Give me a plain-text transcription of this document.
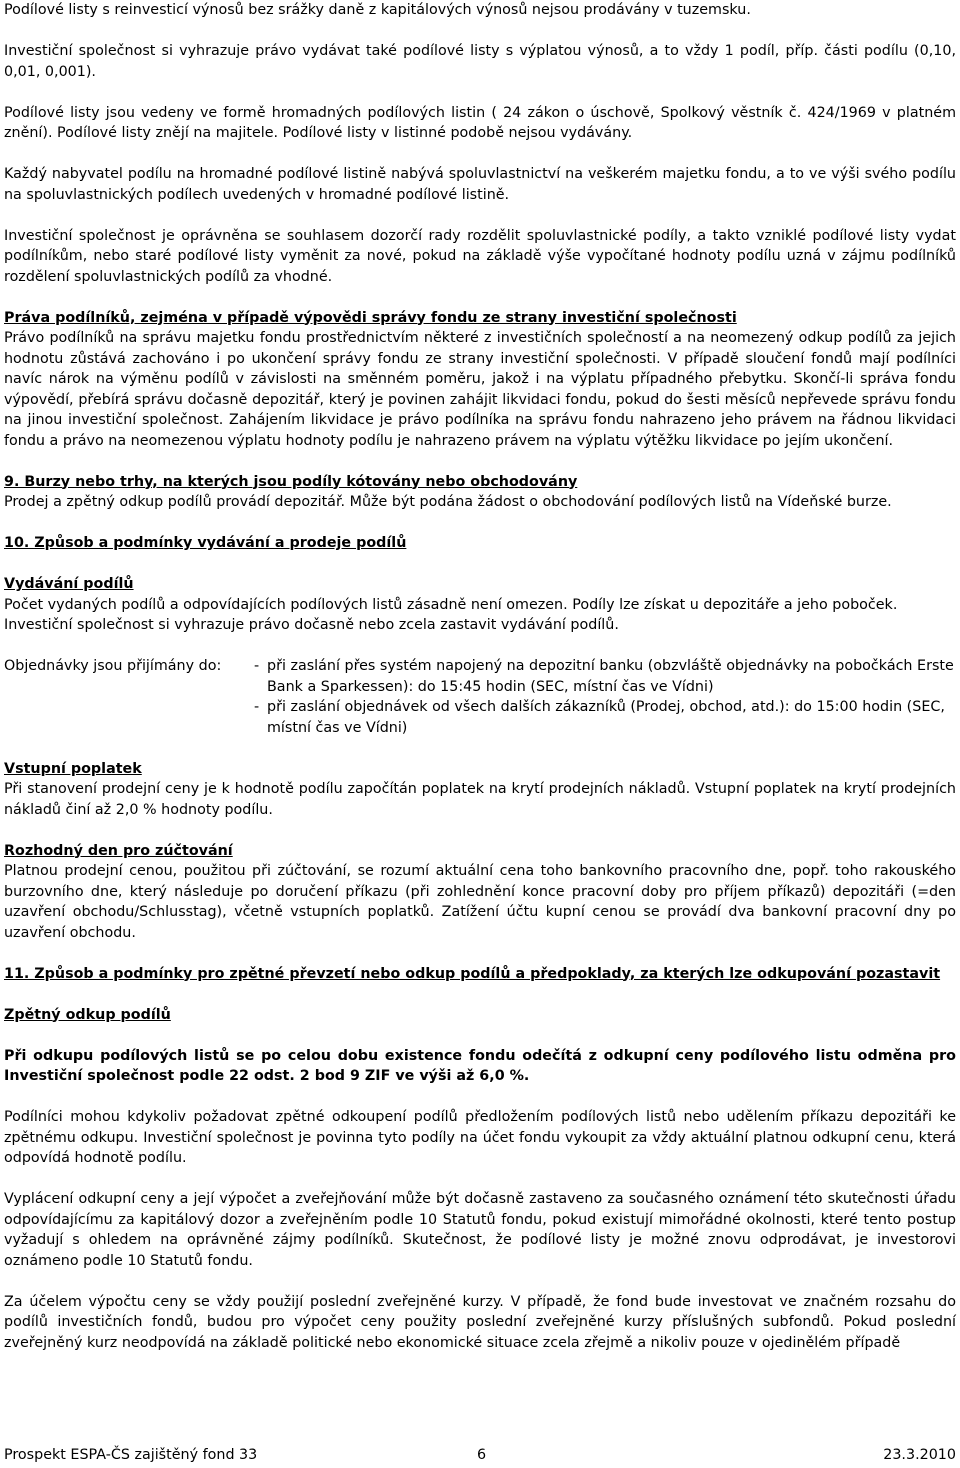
Podílové listy s reinvesticí výnosů bez srážky daně z kapitálových výnosů nejsou prodávány v tuzemsku.

Investiční společnost si vyhrazuje právo vydávat také podílové listy s výplatou výnosů, a to vždy 1 podíl, příp. části podílu (0,10, 0,01, 0,001).

Podílové listy jsou vedeny ve formě hromadných podílových listin ( 24 zákon o úschově, Spolkový věstník č. 424/1969 v platném znění). Podílové listy znějí na majitele. Podílové listy v listinné podobě nejsou vydávány.

Každý nabyvatel podílu na hromadné podílové listině nabývá spoluvlastnictví na veškerém majetku fondu, a to ve výši svého podílu na spoluvlastnických podílech uvedených v hromadné podílové listině.

Investiční společnost je oprávněna se souhlasem dozorčí rady rozdělit spoluvlastnické podíly, a takto vzniklé podílové listy vydat podílníkům, nebo staré podílové listy vyměnit za nové, pokud na základě výše vypočítané hodnoty podílu uzná v zájmu podílníků rozdělení spoluvlastnických podílů za vhodné.

Práva podílníků, zejména v případě výpovědi správy fondu ze strany investiční společnosti

Právo podílníků na správu majetku fondu prostřednictvím některé z investičních společností a na neomezený odkup podílů za jejich hodnotu zůstává zachováno i po ukončení správy fondu ze strany investiční společnosti. V případě sloučení fondů mají podílníci navíc nárok na výměnu podílů v závislosti na směnném poměru, jakož i na výplatu případného přebytku. Skončí-li správa fondu výpovědí, přebírá správu dočasně depozitář, který je povinen zahájit likvidaci fondu, pokud do šesti měsíců nepřevede správu fondu na jinou investiční společnost. Zahájením likvidace je právo podílníka na správu fondu nahrazeno jeho právem na řádnou likvidaci fondu a právo na neomezenou výplatu hodnoty podílu je nahrazeno právem na výplatu výtěžku likvidace po jejím ukončení.

9. Burzy nebo trhy, na kterých jsou podíly kótovány nebo obchodovány

Prodej a zpětný odkup podílů provádí depozitář. Může být podána žádost o obchodování podílových listů na Vídeňské burze.

10. Způsob a podmínky vydávání a prodeje podílů
Vydávání podílů

Počet vydaných podílů a odpovídajících podílových listů zásadně není omezen. Podíly lze získat u depozitáře a jeho poboček.

Investiční společnost si vyhrazuje právo dočasně nebo zcela zastavit vydávání podílů.

Objednávky jsou přijímány do:	- při zaslání přes systém napojený na depozitní banku (obzvláště objednávky na pobočkách Erste Bank a Sparkessen): do 15:45 hodin (SEC, místní čas ve Vídni)
- při zaslání objednávek od všech dalších zákazníků (Prodej, obchod, atd.): do 15:00 hodin (SEC, místní čas ve Vídni)
Vstupní poplatek

Při stanovení prodejní ceny je k hodnotě podílu započítán poplatek na krytí prodejních nákladů. Vstupní poplatek na krytí prodejních nákladů činí až 2,0 % hodnoty podílu.

Rozhodný den pro zúčtování

Platnou prodejní cenou, použitou při zúčtování, se rozumí aktuální cena toho bankovního pracovního dne, popř. toho rakouského burzovního dne, který následuje po doručení příkazu (při zohlednění konce pracovní doby pro příjem příkazů) depozitáři (=den uzavření obchodu/Schlusstag), včetně vstupních poplatků. Zatížení účtu kupní cenou se provádí dva bankovní pracovní dny po uzavření obchodu.

11. Způsob a podmínky pro zpětné převzetí nebo odkup podílů a předpoklady, za kterých lze odkupování pozastavit

Zpětný odkup podílů

Při odkupu podílových listů se po celou dobu existence fondu odečítá z odkupní ceny podílového listu odměna pro Investiční společnost podle 22 odst. 2 bod 9 ZIF ve výši až 6,0 %.

Podílníci mohou kdykoliv požadovat zpětné odkoupení podílů předložením podílových listů nebo udělením příkazu depozitáři ke zpětnému odkupu. Investiční společnost je povinna tyto podíly na účet fondu vykoupit za vždy aktuální platnou odkupní cenu, která odpovídá hodnotě podílu.

Vyplácení odkupní ceny a její výpočet a zveřejňování může být dočasně zastaveno za současného oznámení této skutečnosti úřadu odpovídajícímu za kapitálový dozor a zveřejněním podle 10 Statutů fondu, pokud existují mimořádné okolnosti, které tento postup vyžadují s ohledem na oprávněné zájmy podílníků. Skutečnost, že podílové listy je možné znovu odprodávat, je investorovi oznámeno podle 10 Statutů fondu.

Za účelem výpočtu ceny se vždy použijí poslední zveřejněné kurzy. V případě, že fond bude investovat ve značném rozsahu do podílů investičních fondů, budou pro výpočet ceny použity poslední zveřejněné kurzy příslušných subfondů. Pokud poslední zveřejněný kurz neodpovídá na základě politické nebo ekonomické situace zcela zřejmě a nikoliv pouze v ojedinělém případě

Prospekt ESPA-ČS zajištěný fond 33	6	23.3.2010
